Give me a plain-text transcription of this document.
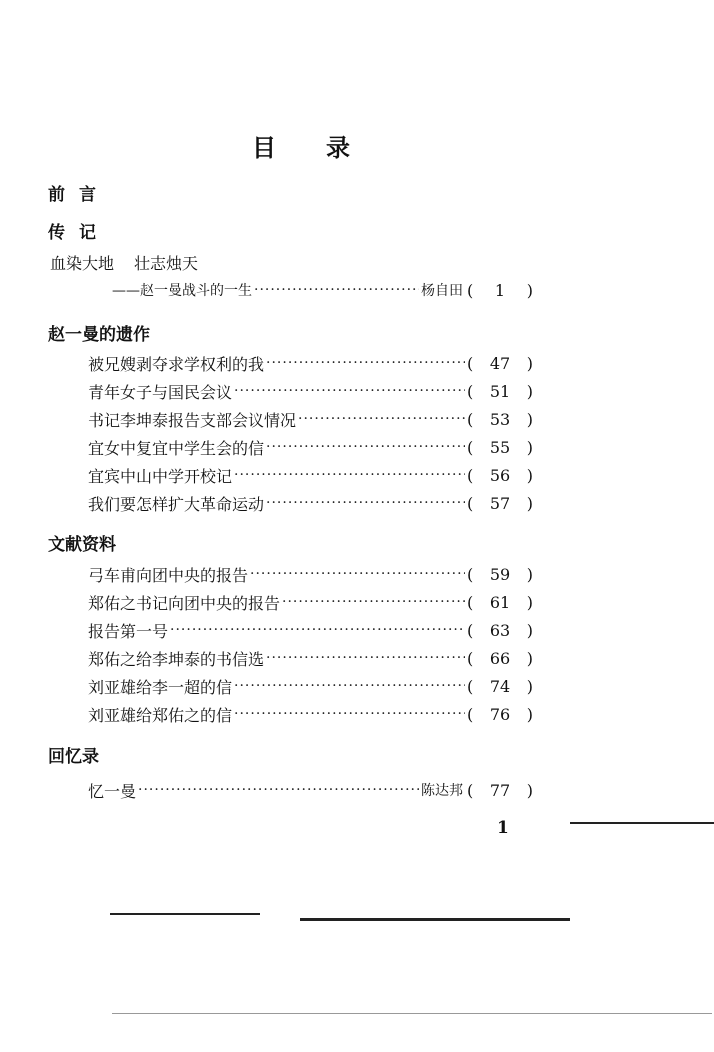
目 录
前言
传记
血染大地 壮志烛天
——赵一曼战斗的一生 ·····	杨自田 (	1	)
赵一曼的遗作
被兄嫂剥夺求学权利的我 ·····	(	47	)
青年女子与国民会议 ·····	(	51	)
书记李坤泰报告支部会议情况 ·····	(	53	)
宜女中复宜中学生会的信 ·····	(	55	)
宜宾中山中学开校记 ·····	(	56	)
我们要怎样扩大革命运动 ·····	(	57	)
文献资料
弓车甫向团中央的报告 ·····	(	59	)
郑佑之书记向团中央的报告 ·····	(	61	)
报告第一号 ·····	(	63	)
郑佑之给李坤泰的书信选 ·····	(	66	)
刘亚雄给李一超的信 ·····	(	74	)
刘亚雄给郑佑之的信 ·····	(	76	)
回忆录
忆一曼 ·····	陈达邦 (	77	)
1
